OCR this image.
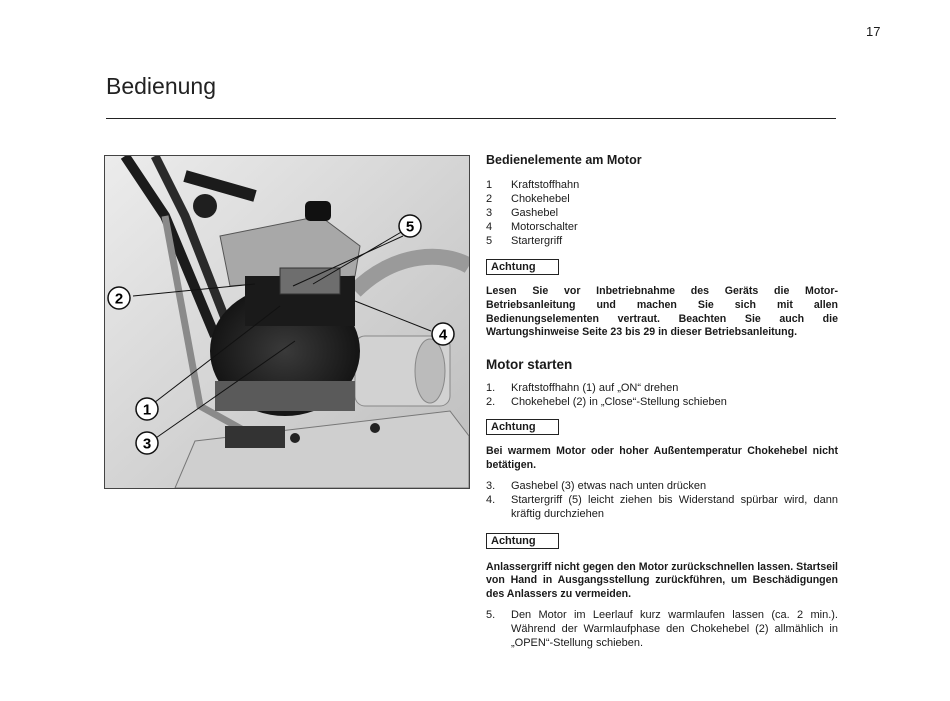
17
Bedienung
5
2
4
1
3
Bedienelemente am Motor
1	Kraftstoffhahn
2	Chokehebel
3	Gashebel
4	Motorschalter
5	Startergriff
Achtung

Lesen Sie vor Inbetriebnahme des Geräts die Motor-Betriebsanleitung und machen Sie sich mit allen Bedienungselementen vertraut. Beachten Sie auch die Wartungshinweise Seite 23 bis 29 in dieser Betriebsanleitung.

Motor starten
1.	Kraftstoffhahn (1) auf „ON“ drehen
2.	Chokehebel (2) in „Close“-Stellung schieben
Achtung

Bei warmem Motor oder hoher Außentemperatur Chokehebel nicht betätigen.

3.	Gashebel (3) etwas nach unten drücken
4.	Startergriff (5) leicht ziehen bis Widerstand spürbar wird, dann kräftig durchziehen
Achtung

Anlassergriff nicht gegen den Motor zurückschnellen lassen. Startseil von Hand in Ausgangsstellung zurückführen, um Beschädigungen des Anlassers zu vermeiden.

5.	Den Motor im Leerlauf kurz warmlaufen lassen (ca. 2 min.). Während der Warmlaufphase den Chokehebel (2) allmählich in „OPEN“-Stellung schieben.
